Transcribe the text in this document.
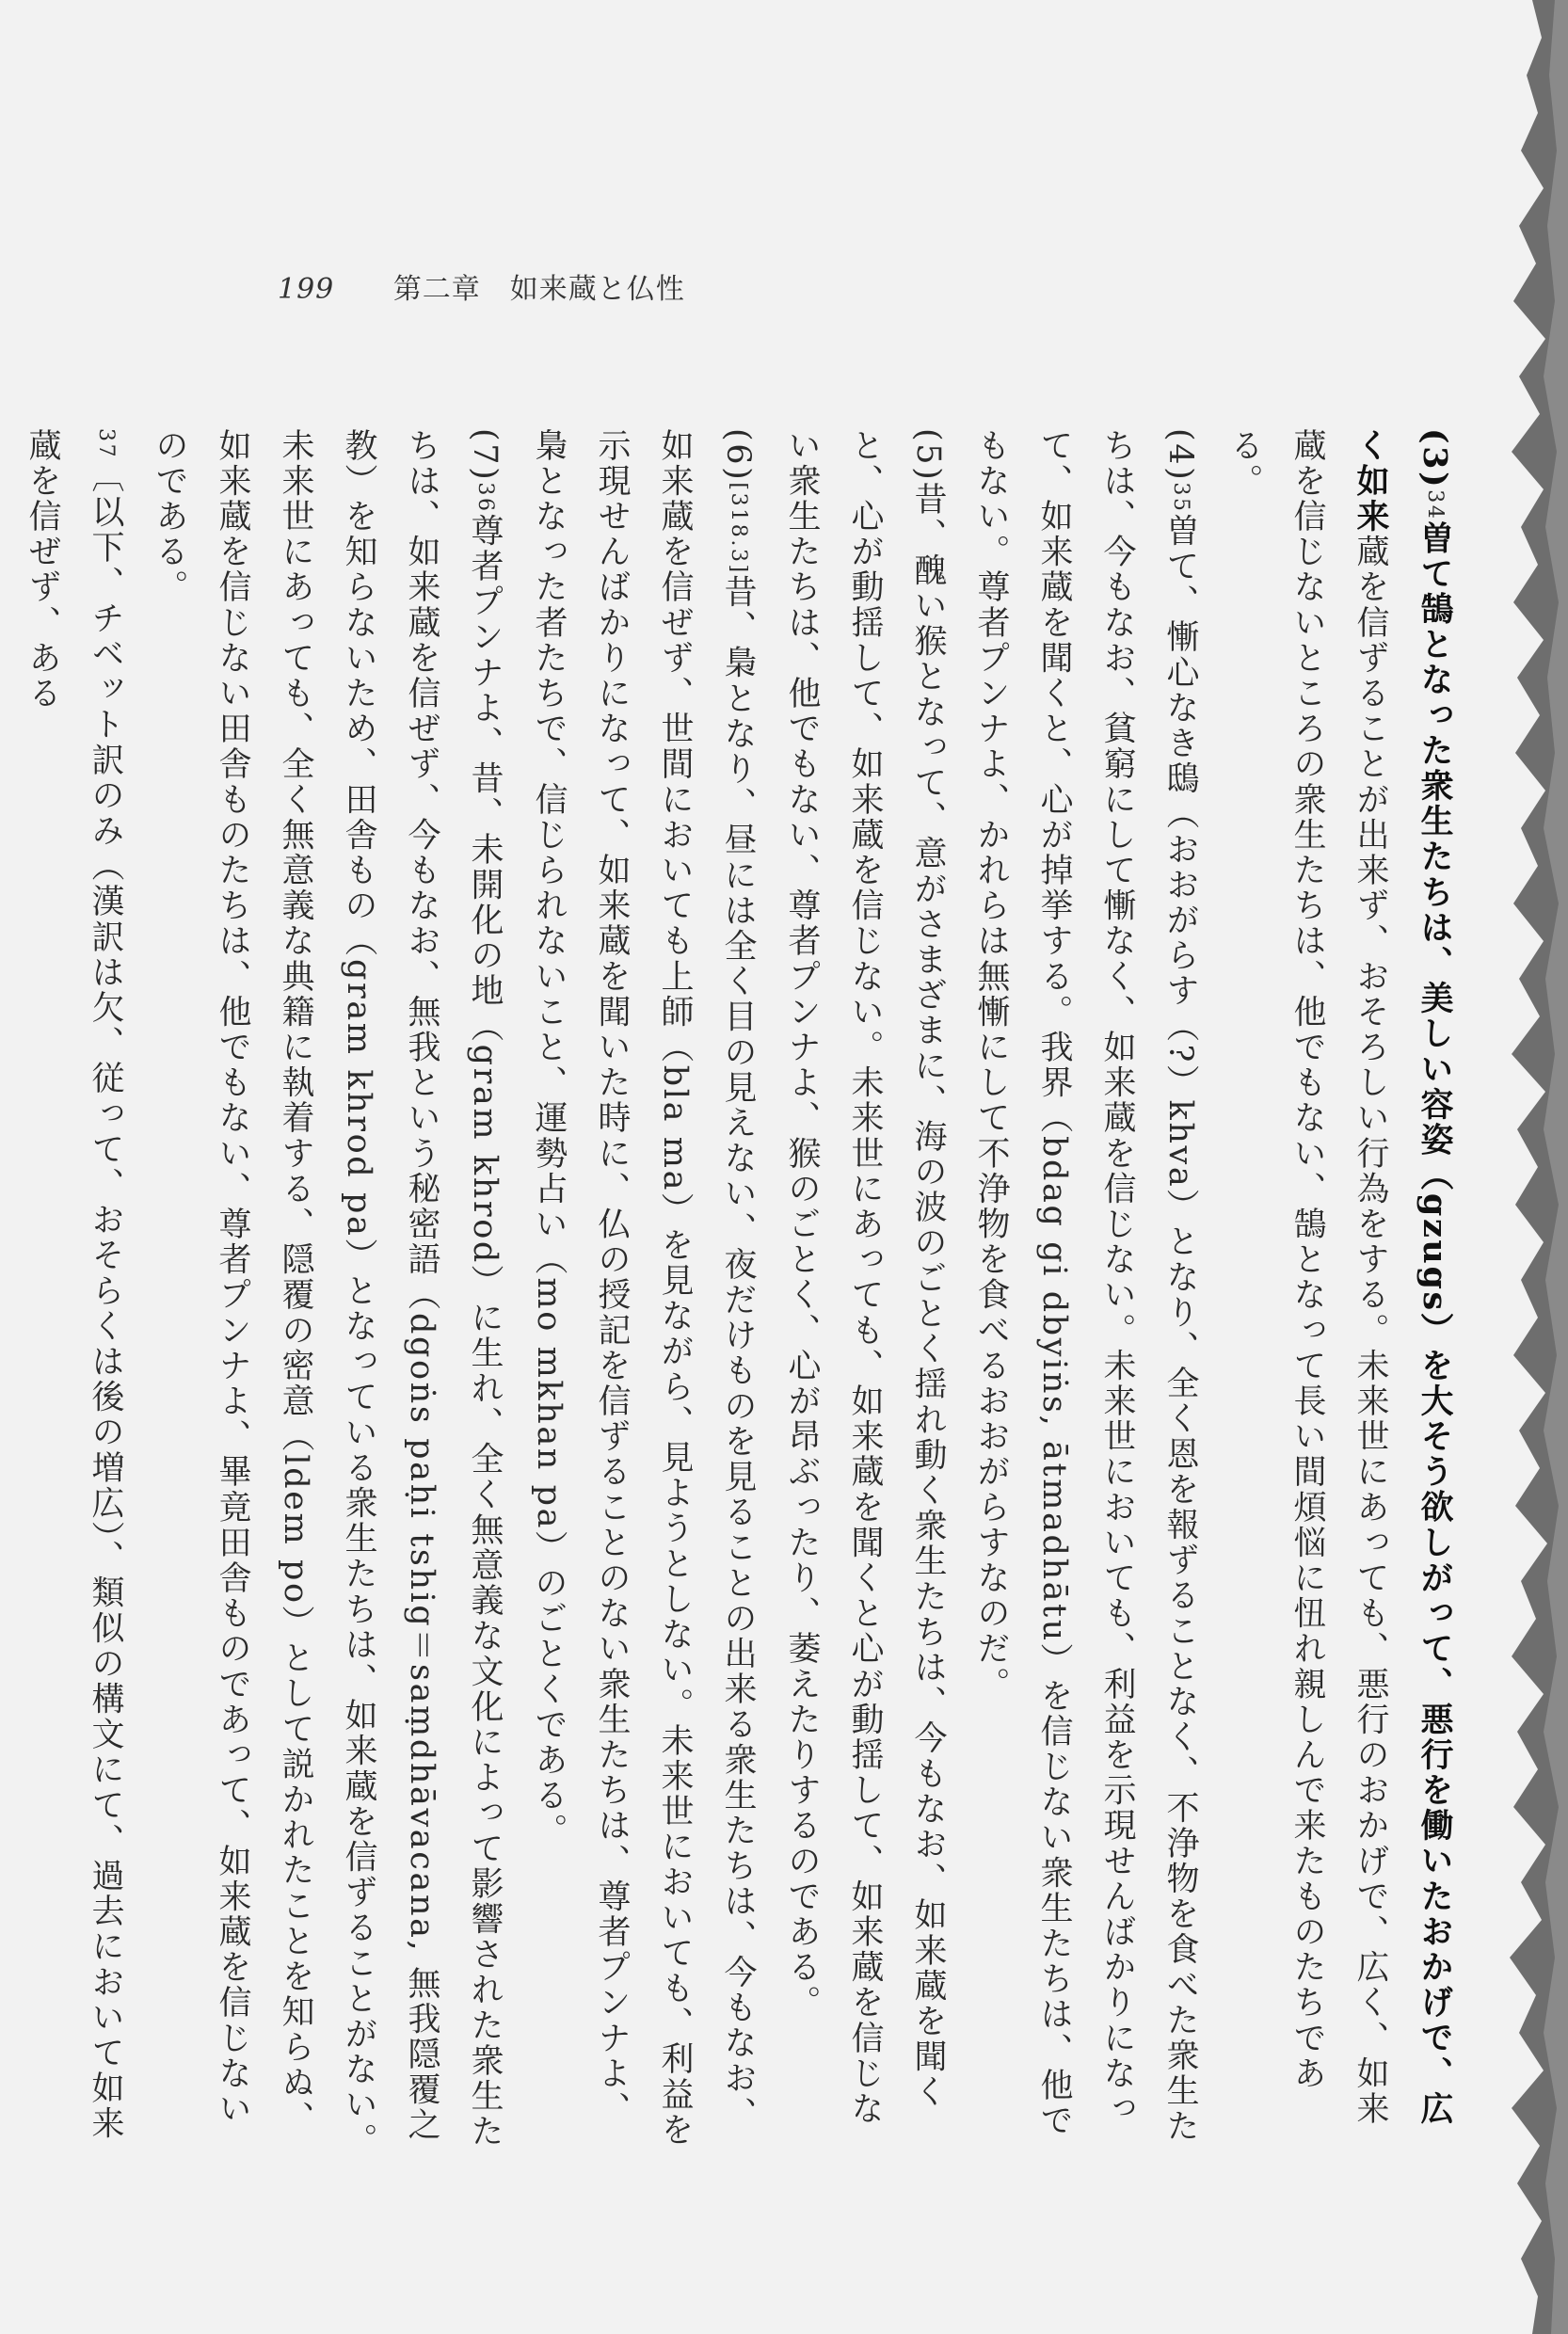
199 第二章　如来蔵と仏性

(3)34曽て鵠となった衆生たちは、美しい容姿（gzugs）を大そう欲しがって、悪行を働いたおかげで、広く如来蔵を信ずることが出来ず、おそろしい行為をする。未来世にあっても、悪行のおかげで、広く、如来蔵を信じないところの衆生たちは、他でもない、鵠となって長い間煩悩に忸れ親しんで来たものたちである。

(4)35曽て、慚心なき鴟（おおがらす（?）khva）となり、全く恩を報ずることなく、不浄物を食べた衆生たちは、今もなお、貧窮にして慚なく、如来蔵を信じない。未来世においても、利益を示現せんばかりになって、如来蔵を聞くと、心が掉挙する。我界（bdag gi dbyiṅs, ātmadhātu）を信じない衆生たちは、他でもない。尊者プンナよ、かれらは無慚にして不浄物を食べるおおがらすなのだ。

(5)昔、醜い猴となって、意がさまざまに、海の波のごとく揺れ動く衆生たちは、今もなお、如来蔵を聞くと、心が動揺して、如来蔵を信じない。未来世にあっても、如来蔵を聞くと心が動揺して、如来蔵を信じない衆生たちは、他でもない、尊者プンナよ、猴のごとく、心が昂ぶったり、萎えたりするのである。

(6)[318.3]昔、梟となり、昼には全く目の見えない、夜だけものを見ることの出来る衆生たちは、今もなお、如来蔵を信ぜず、世間においても上師（bla ma）を見ながら、見ようとしない。未来世においても、利益を示現せんばかりになって、如来蔵を聞いた時に、仏の授記を信ずることのない衆生たちは、尊者プンナよ、梟となった者たちで、信じられないこと、運勢占い（mo mkhan pa）のごとくである。

(7)36尊者プンナよ、昔、未開化の地（gram khrod）に生れ、全く無意義な文化によって影響された衆生たちは、如来蔵を信ぜず、今もなお、無我という秘密語（dgoṅs paḥi tshig＝saṃdhāvacana, 無我隠覆之教）を知らないため、田舎もの（gram khrod pa）となっている衆生たちは、如来蔵を信ずることがない。未来世にあっても、全く無意義な典籍に執着する、隠覆の密意（ldem po）として説かれたことを知らぬ、如来蔵を信じない田舎ものたちは、他でもない、尊者プンナよ、畢竟田舎ものであって、如来蔵を信じないのである。

37〔以下、チベット訳のみ（漢訳は欠、従って、おそらくは後の増広）、類似の構文にて、過去において如来蔵を信ぜず、ある
